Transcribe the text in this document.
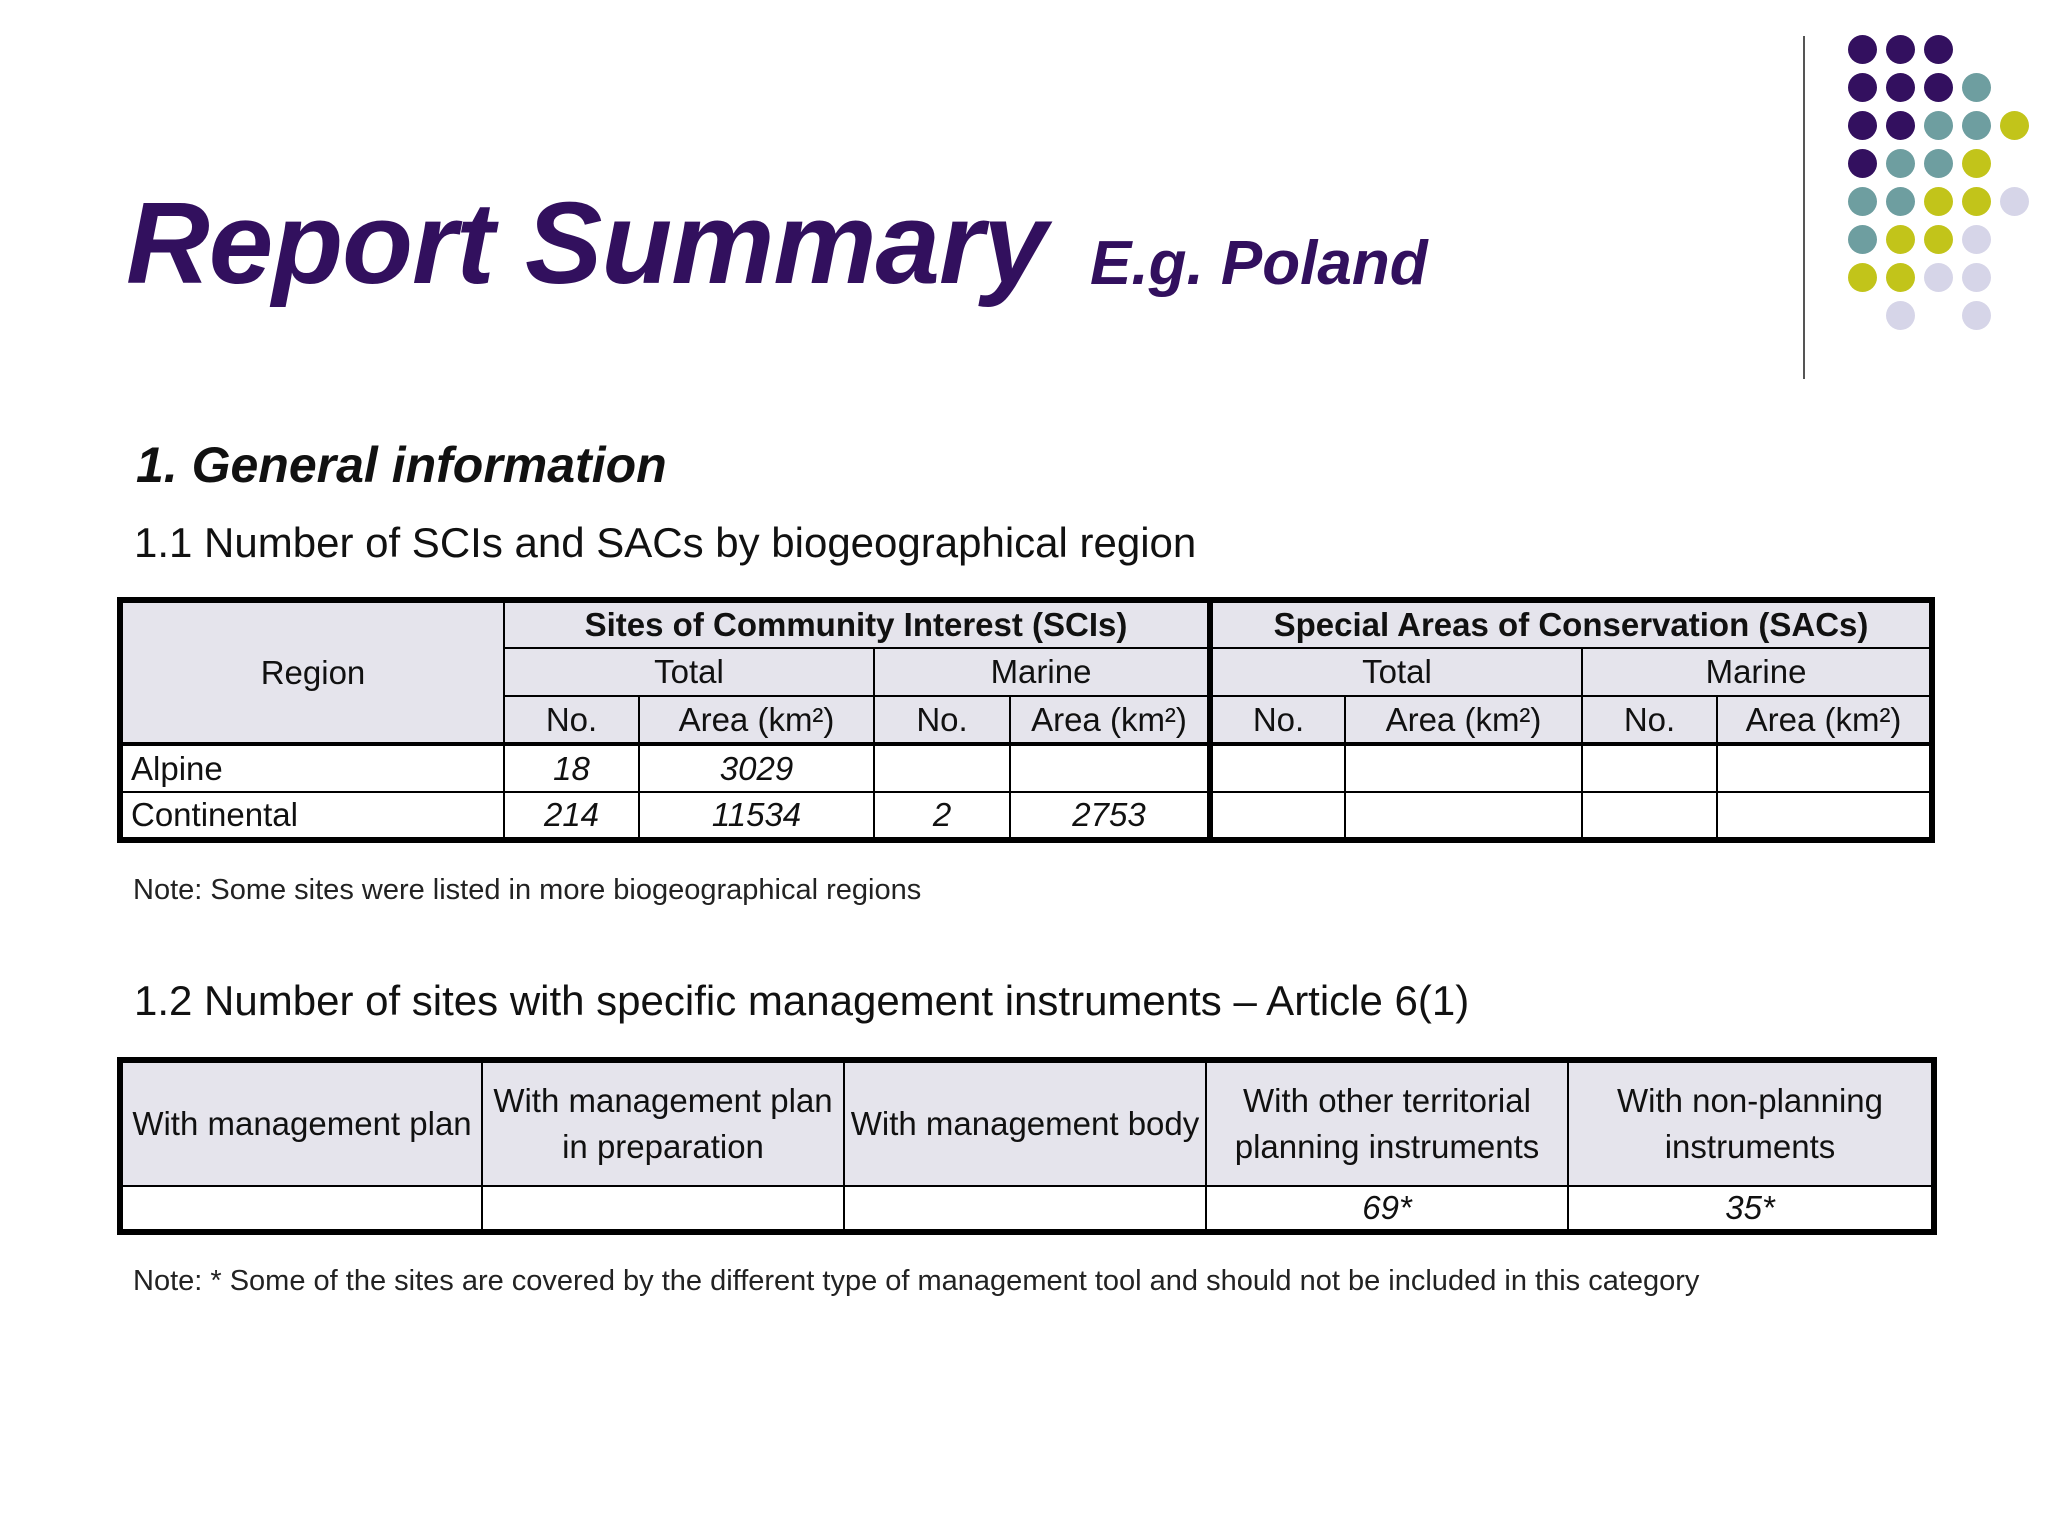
Report Summary E.g. Poland
1. General information
1.1 Number of SCIs and SACs by biogeographical region
Region	Sites of Community Interest (SCIs)				Special Areas of Conservation (SACs)			
	Total		Marine		Total		Marine	
	No.	Area (km²)	No.	Area (km²)	No.	Area (km²)	No.	Area (km²)
Alpine	18	3029						
Continental	214	11534	2	2753				
Note: Some sites were listed in more biogeographical regions
1.2 Number of sites with specific management instruments – Article 6(1)
With management plan	With management plan in preparation	With management body	With other territorial planning instruments	With non-planning instruments
			69*	35*
Note: * Some of the sites are covered by the different type of management tool and should not be included in this category
